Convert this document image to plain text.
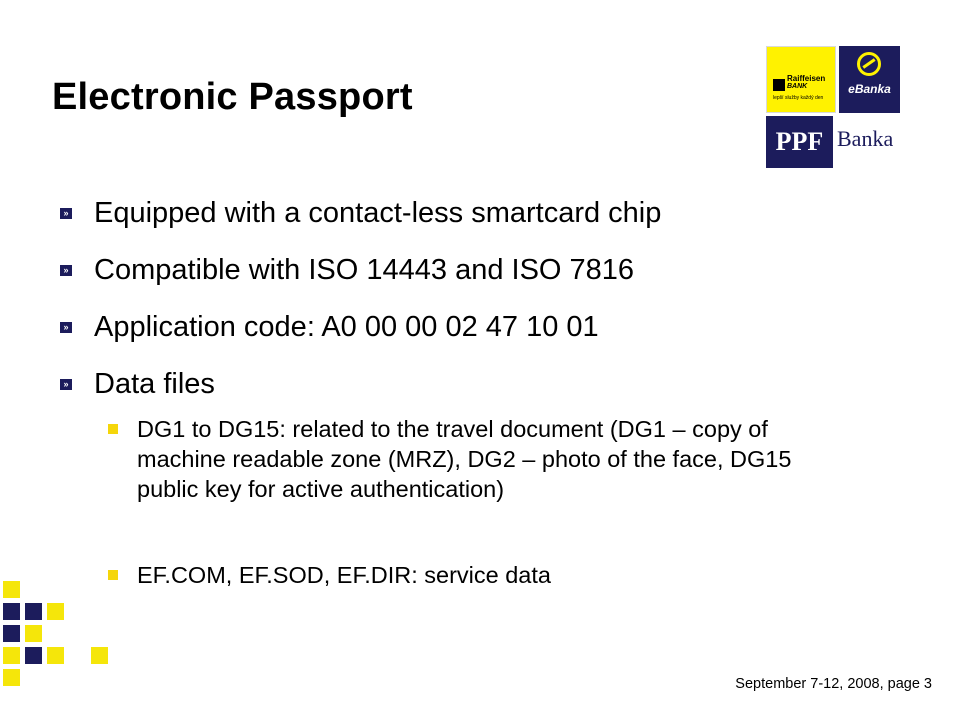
Electronic Passport	Raiffeisen
BANK
lepší služby každý den
eBanka
PPF Banka
» Equipped with a contact-less smartcard chip
» Compatible with ISO 14443 and ISO 7816
» Application code: A0 00 00 02 47 10 01
» Data files
DG1 to DG15: related to the travel document (DG1 – copy of machine readable zone (MRZ), DG2 – photo of the face, DG15 public key for active authentication)
EF.COM, EF.SOD, EF.DIR: service data
September 7-12, 2008, page 3
